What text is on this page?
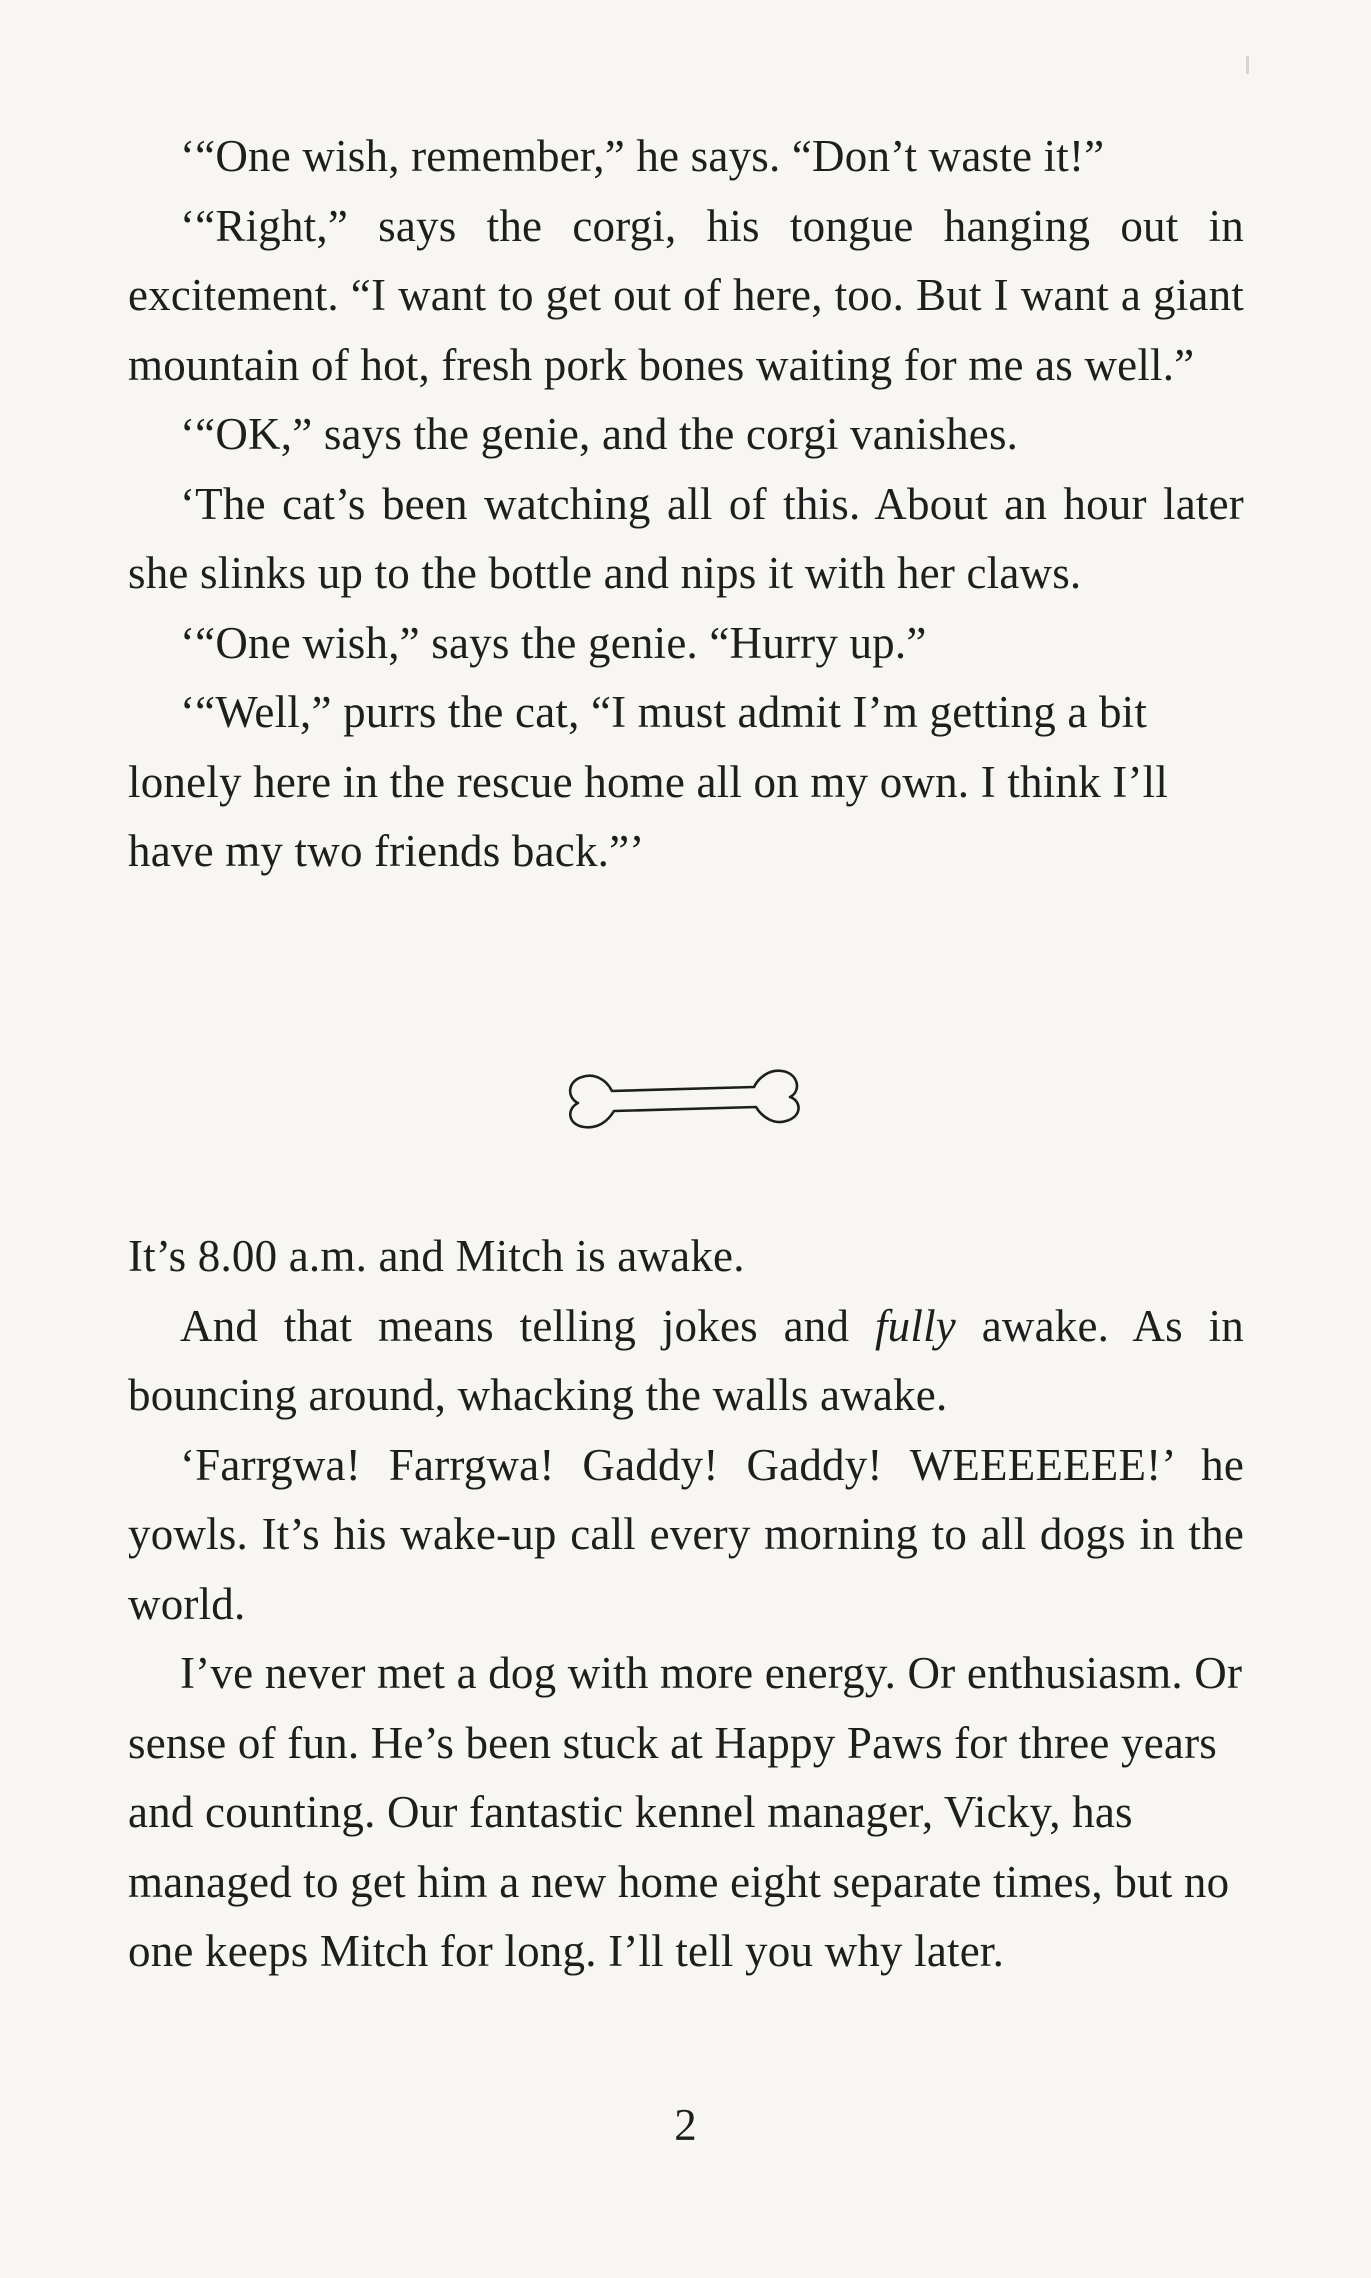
‘“One wish, remember,” he says. “Don’t waste it!”

‘“Right,” says the corgi, his tongue hanging out in excitement. “I want to get out of here, too. But I want a giant mountain of hot, fresh pork bones waiting for me as well.”

‘“OK,” says the genie, and the corgi vanishes.

‘The cat’s been watching all of this. About an hour later she slinks up to the bottle and nips it with her claws.

‘“One wish,” says the genie. “Hurry up.”

‘“Well,” purrs the cat, “I must admit I’m getting a bit lonely here in the rescue home all on my own. I think I’ll have my two friends back.”’

It’s 8.00 a.m. and Mitch is awake.

And that means telling jokes and fully awake. As in bouncing around, whacking the walls awake.

‘Farrgwa! Farrgwa! Gaddy! Gaddy! WEEEEEEE!’ he yowls. It’s his wake-up call every morning to all dogs in the world.

I’ve never met a dog with more energy. Or enthusiasm. Or sense of fun. He’s been stuck at Happy Paws for three years and counting. Our fantastic kennel manager, Vicky, has managed to get him a new home eight separate times, but no one keeps Mitch for long. I’ll tell you why later.

2
